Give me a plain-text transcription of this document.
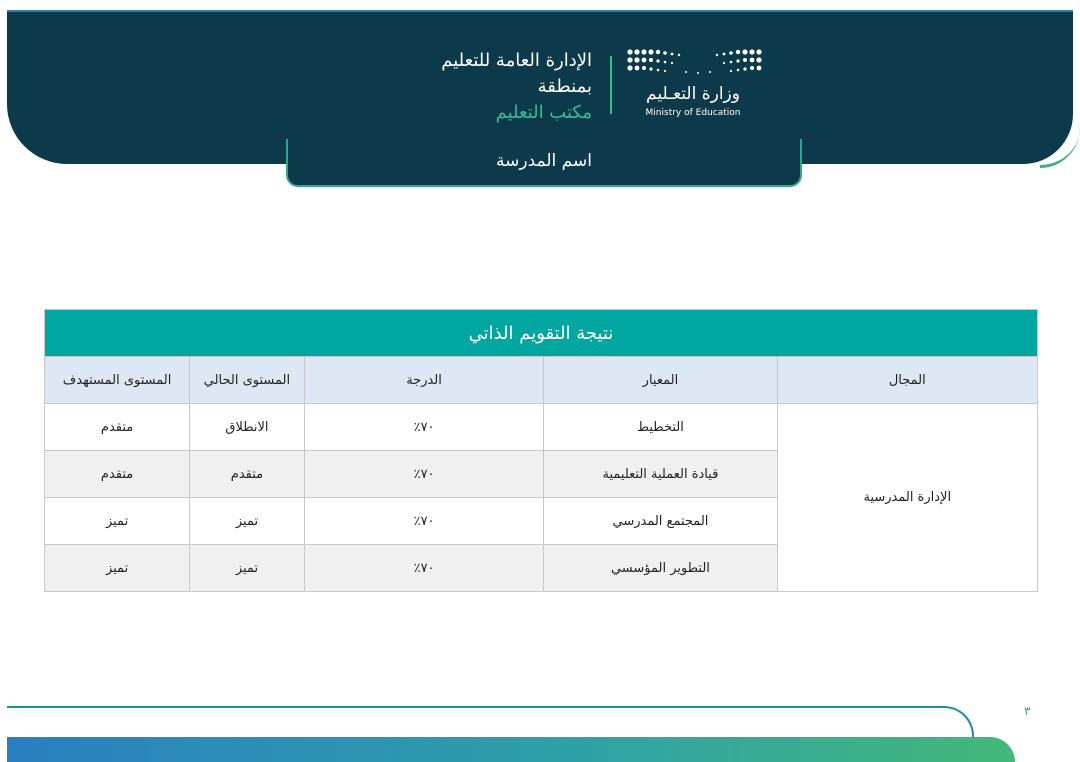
الإدارة العامة للتعليم
بمنطقة
مكتب التعليم
وزارة التعـليم
Ministry of Education
اسم المدرسة
نتيجة التقويم الذاتي				
المجال	المعيار	الدرجة	المستوى الحالي	المستوى المستهدف
الإدارة المدرسية	التخطيط	٧٠٪	الانطلاق	متقدم
	قيادة العملية التعليمية	٧٠٪	متقدم	متقدم
	المجتمع المدرسي	٧٠٪	تميز	تميز
	التطوير المؤسسي	٧٠٪	تميز	تميز
٣
